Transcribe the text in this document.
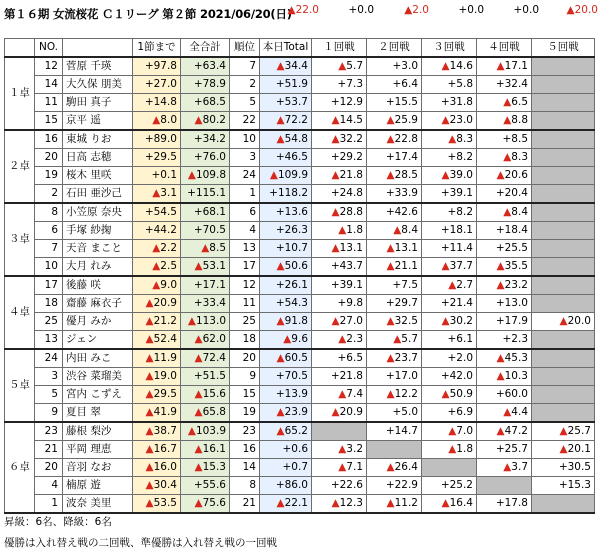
第１６期 女流桜花 Ｃ１リーグ 第２節 2021/06/20(日)
▲22.0	+0.0	▲2.0	+0.0	+0.0	▲20.0
	NO.		1節まで	全合計	順位	本日Total	１回戦	２回戦	３回戦	４回戦	５回戦
１卓	12	菅原 千瑛	+97.8	+63.4	7	▲34.4	▲5.7	+3.0	▲14.6	▲17.1	
	14	大久保 朋美	+27.0	+78.9	2	+51.9	+7.3	+6.4	+5.8	+32.4	
	11	駒田 真子	+14.8	+68.5	5	+53.7	+12.9	+15.5	+31.8	▲6.5	
	15	京平 遥	▲8.0	▲80.2	22	▲72.2	▲14.5	▲25.9	▲23.0	▲8.8	
２卓	16	東城 りお	+89.0	+34.2	10	▲54.8	▲32.2	▲22.8	▲8.3	+8.5	
	20	日高 志穂	+29.5	+76.0	3	+46.5	+29.2	+17.4	+8.2	▲8.3	
	19	桜木 里咲	+0.1	▲109.8	24	▲109.9	▲21.8	▲28.5	▲39.0	▲20.6	
	2	石田 亜沙己	▲3.1	+115.1	1	+118.2	+24.8	+33.9	+39.1	+20.4	
３卓	8	小笠原 奈央	+54.5	+68.1	6	+13.6	▲28.8	+42.6	+8.2	▲8.4	
	6	手塚 紗掬	+44.2	+70.5	4	+26.3	▲1.8	▲8.4	+18.1	+18.4	
	7	天音 まこと	▲2.2	▲8.5	13	+10.7	▲13.1	▲13.1	+11.4	+25.5	
	10	大月 れみ	▲2.5	▲53.1	17	▲50.6	+43.7	▲21.1	▲37.7	▲35.5	
４卓	17	後藤 咲	▲9.0	+17.1	12	+26.1	+39.1	+7.5	▲2.7	▲23.2	
	18	齋藤 麻衣子	▲20.9	+33.4	11	+54.3	+9.8	+29.7	+21.4	+13.0	
	25	優月 みか	▲21.2	▲113.0	25	▲91.8	▲27.0	▲32.5	▲30.2	+17.9	▲20.0
	13	ジェン	▲52.4	▲62.0	18	▲9.6	▲2.3	▲5.7	+6.1	+2.3	
５卓	24	内田 みこ	▲11.9	▲72.4	20	▲60.5	+6.5	▲23.7	+2.0	▲45.3	
	3	渋谷 菜瑠美	▲19.0	+51.5	9	+70.5	+21.8	+17.0	+42.0	▲10.3	
	5	宮内 こずえ	▲29.5	▲15.6	15	+13.9	▲7.4	▲12.2	▲50.9	+60.0	
	9	夏目 翠	▲41.9	▲65.8	19	▲23.9	▲20.9	+5.0	+6.9	▲4.4	
６卓	23	藤根 梨沙	▲38.7	▲103.9	23	▲65.2		+14.7	▲7.0	▲47.2	▲25.7
	21	平岡 理恵	▲16.7	▲16.1	16	+0.6	▲3.2		▲1.8	+25.7	▲20.1
	20	音羽 なお	▲16.0	▲15.3	14	+0.7	▲7.1	▲26.4		▲3.7	+30.5
	4	楠原 遊	▲30.4	+55.6	8	+86.0	+22.6	+22.9	+25.2		+15.3
	1	波奈 美里	▲53.5	▲75.6	21	▲22.1	▲12.3	▲11.2	▲16.4	+17.8	
昇級：6名、降級：6名
優勝は入れ替え戦の二回戦、準優勝は入れ替え戦の一回戦
